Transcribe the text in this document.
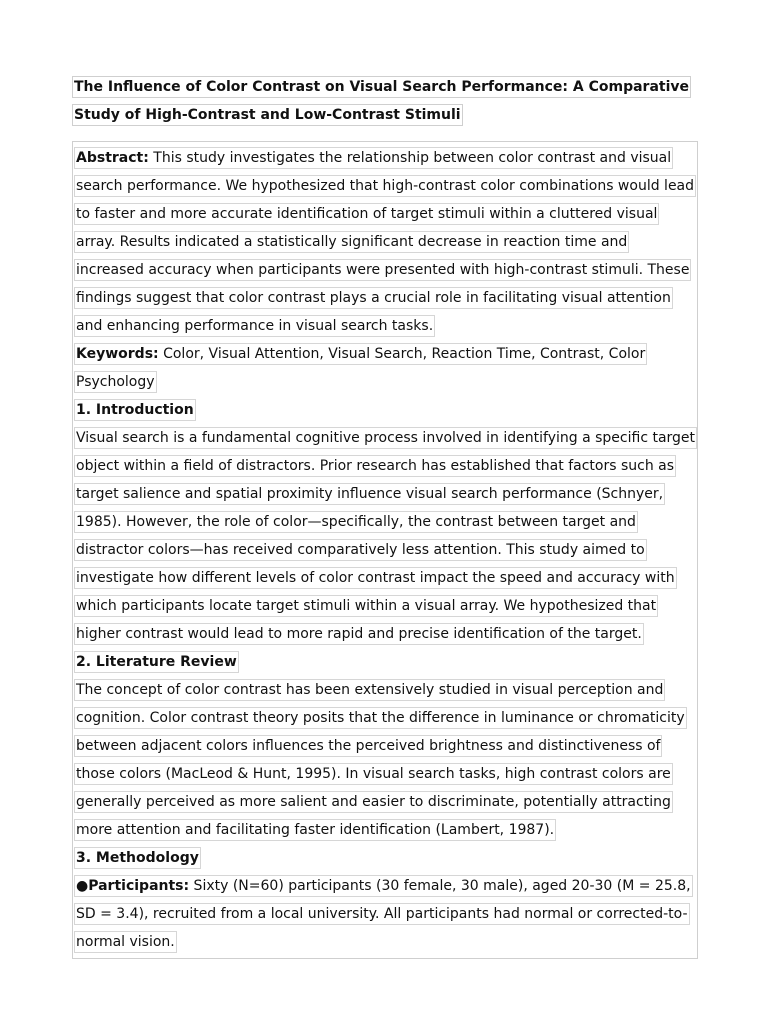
The Influence of Color Contrast on Visual Search Performance: A Comparative Study of High-Contrast and Low-Contrast Stimuli

Abstract: This study investigates the relationship between color contrast and visual search performance. We hypothesized that high-contrast color combinations would lead to faster and more accurate identification of target stimuli within a cluttered visual array. Results indicated a statistically significant decrease in reaction time and increased accuracy when participants were presented with high-contrast stimuli. These findings suggest that color contrast plays a crucial role in facilitating visual attention and enhancing performance in visual search tasks.

Keywords: Color, Visual Attention, Visual Search, Reaction Time, Contrast, Color Psychology

1. Introduction

Visual search is a fundamental cognitive process involved in identifying a specific target object within a field of distractors. Prior research has established that factors such as target salience and spatial proximity influence visual search performance (Schnyer, 1985). However, the role of color—specifically, the contrast between target and distractor colors—has received comparatively less attention. This study aimed to investigate how different levels of color contrast impact the speed and accuracy with which participants locate target stimuli within a visual array. We hypothesized that higher contrast would lead to more rapid and precise identification of the target.

2. Literature Review

The concept of color contrast has been extensively studied in visual perception and cognition. Color contrast theory posits that the difference in luminance or chromaticity between adjacent colors influences the perceived brightness and distinctiveness of those colors (MacLeod & Hunt, 1995). In visual search tasks, high contrast colors are generally perceived as more salient and easier to discriminate, potentially attracting more attention and facilitating faster identification (Lambert, 1987).

3. Methodology

●Participants: Sixty (N=60) participants (30 female, 30 male), aged 20-30 (M = 25.8, SD = 3.4), recruited from a local university. All participants had normal or corrected-to-normal vision.
